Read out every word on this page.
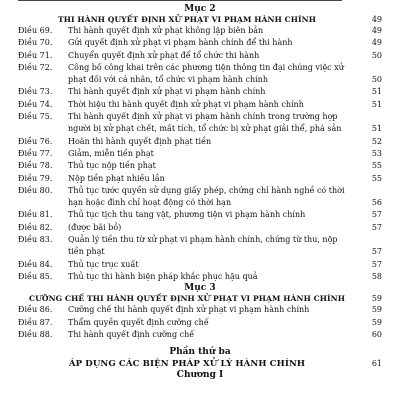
Mục 2
THI HÀNH QUYẾT ĐỊNH XỬ PHẠT VI PHẠM HÀNH CHÍNH	49
Điều 69.	Thi hành quyết định xử phạt không lập biên bản	49
Điều 70.	Gửi quyết định xử phạt vi phạm hành chính để thi hành	49
Điều 71.	Chuyển quyết định xử phạt để tổ chức thi hành	50
Điều 72.	Công bố công khai trên các phương tiện thông tin đại chúng việc xử phạt đối với cá nhân, tổ chức vi phạm hành chính	50
Điều 73.	Thi hành quyết định xử phạt vi phạm hành chính	51
Điều 74.	Thời hiệu thi hành quyết định xử phạt vi phạm hành chính	51
Điều 75.	Thi hành quyết định xử phạt vi phạm hành chính trong trường hợp người bị xử phạt chết, mất tích, tổ chức bị xử phạt giải thể, phá sản	51
Điều 76.	Hoãn thi hành quyết định phạt tiền	52
Điều 77.	Giảm, miễn tiền phạt	53
Điều 78.	Thủ tục nộp tiền phạt	55
Điều 79.	Nộp tiền phạt nhiều lần	55
Điều 80.	Thủ tục tước quyền sử dụng giấy phép, chứng chỉ hành nghề có thời hạn hoặc đình chỉ hoạt động có thời hạn	56
Điều 81.	Thủ tục tịch thu tang vật, phương tiện vi phạm hành chính	57
Điều 82.	(được bãi bỏ)	57
Điều 83.	Quản lý tiền thu từ xử phạt vi phạm hành chính, chứng từ thu, nộp tiền phạt	57
Điều 84.	Thủ tục trục xuất	57
Điều 85.	Thủ tục thi hành biện pháp khắc phục hậu quả	58
Mục 3
CƯỠNG CHẾ THI HÀNH QUYẾT ĐỊNH XỬ PHẠT VI PHẠM HÀNH CHÍNH	59
Điều 86.	Cưỡng chế thi hành quyết định xử phạt vi phạm hành chính	59
Điều 87.	Thẩm quyền quyết định cưỡng chế	59
Điều 88.	Thi hành quyết định cưỡng chế	60
Phần thứ ba
ÁP DỤNG CÁC BIỆN PHÁP XỬ LÝ HÀNH CHÍNH	61
Chương I
